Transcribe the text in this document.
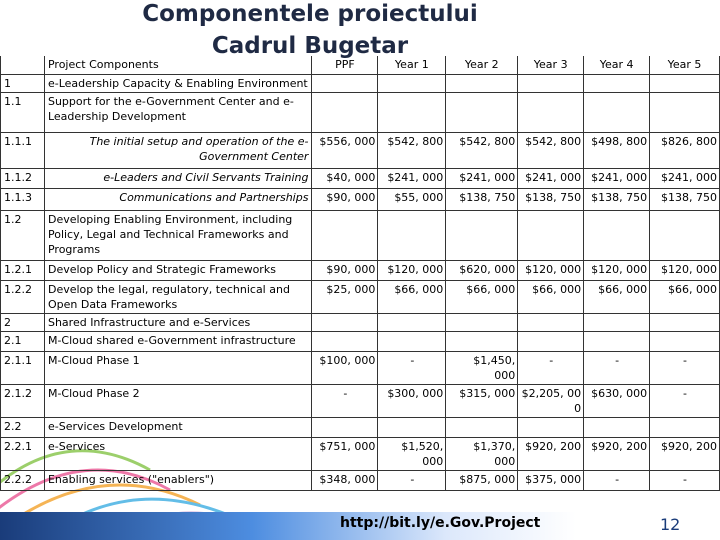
Componentele proiectului
Cadrul Bugetar
	Project Components	PPF	Year 1	Year 2	Year 3	Year 4	Year 5
1	e-Leadership Capacity & Enabling Environment						
1.1	Support for the e-Government Center and e-Leadership Development						
1.1.1	The initial setup and operation of the e-Government Center	$556, 000	$542, 800	$542, 800	$542, 800	$498, 800	$826, 800
1.1.2	e-Leaders and Civil Servants Training	$40, 000	$241, 000	$241, 000	$241, 000	$241, 000	$241, 000
1.1.3	Communications and Partnerships	$90, 000	$55, 000	$138, 750	$138, 750	$138, 750	$138, 750
1.2	Developing Enabling Environment, including Policy, Legal and Technical Frameworks and Programs						
1.2.1	Develop Policy and Strategic Frameworks	$90, 000	$120, 000	$620, 000	$120, 000	$120, 000	$120, 000
1.2.2	Develop the legal, regulatory, technical and Open Data Frameworks	$25, 000	$66, 000	$66, 000	$66, 000	$66, 000	$66, 000
2	Shared Infrastructure and e-Services						
2.1	M-Cloud shared e-Government infrastructure						
2.1.1	M-Cloud Phase 1	$100, 000	-	$1,450, 000	-	-	-
2.1.2	M-Cloud Phase 2	-	$300, 000	$315, 000	$2,205, 00 0	$630, 000	-
2.2	e-Services Development						
2.2.1	e-Services	$751, 000	$1,520, 000	$1,370, 000	$920, 200	$920, 200	$920, 200
2.2.2	Enabling services ("enablers")	$348, 000	-	$875, 000	$375, 000	-	-
http://bit.ly/e.Gov.Project	12
